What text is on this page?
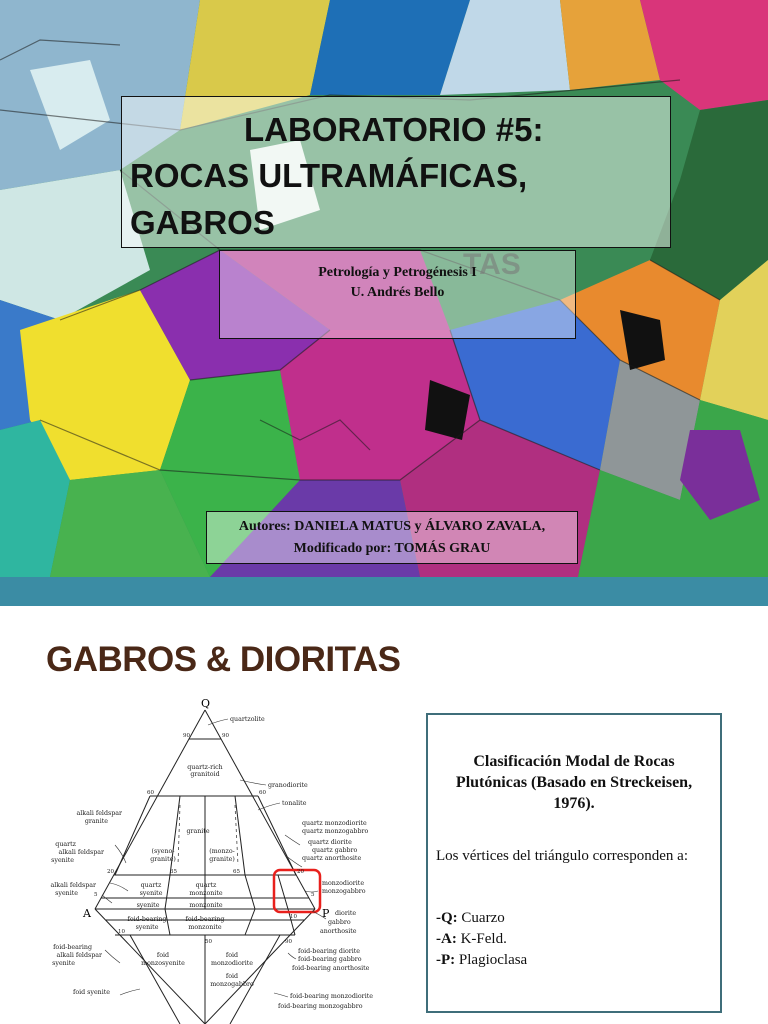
LABORATORIO #5:
ROCAS ULTRAMÁFICAS,
GABROS
TAS
Petrología y Petrogénesis I
U. Andrés Bello
Autores: DANIELA MATUS y ÁLVARO ZAVALA,
Modificado por: TOMÁS GRAU
GABROS & DIORITAS
Q
A	P
90	90
60	60
20	20
5	5
10
10
35	65
90
50
quartz-rich
granitoid
granite
(syeno-
granite)
(monzo-
granite)
quartz
syenite
quartz
monzonite
syenite	monzonite
foid-bearing
syenite
foid-bearing
monzonite
foid
monzosyenite
foid
monzodiorite
foid
monzogabbro
alkali feldspar
granite
quartz
alkali feldspar
syenite
alkali feldspar
syenite
foid-bearing
alkali feldspar
syenite
foid syenite
quartzolite
granodiorite
tonalite
quartz monzodiorite
quartz monzogabbro
quartz diorite
quartz gabbro
quartz anorthosite
monzodiorite
monzogabbro
diorite
gabbro
anorthosite
foid-bearing diorite
foid-bearing gabbro
foid-bearing anorthosite
foid-bearing monzodiorite
foid-bearing monzogabbro
Clasificación Modal de Rocas Plutónicas (Basado en Streckeisen, 1976).
Los vértices del triángulo corresponden a:
-Q: Cuarzo
-A: K-Feld.
-P: Plagioclasa
